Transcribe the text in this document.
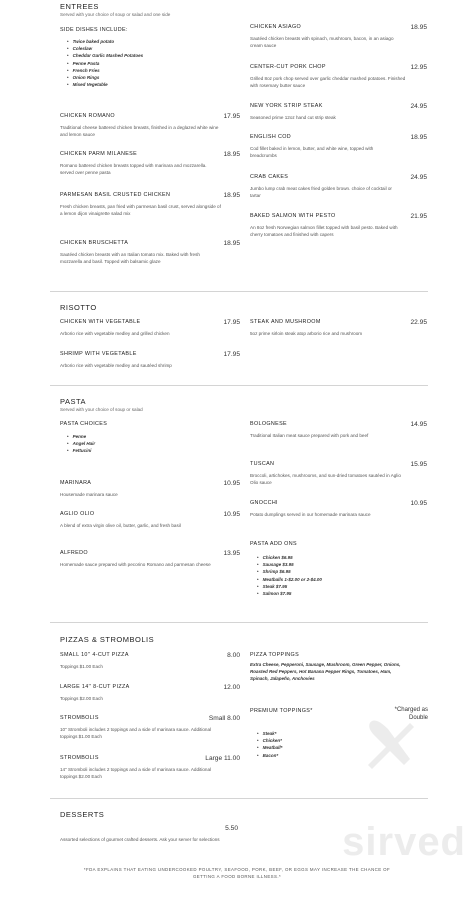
ENTREES
Served with your choice of soup or salad and one side
SIDE DISHES INCLUDE:
• Twice baked potato
• Coleslaw
• Cheddar Garlic Mashed Potatoes
• Penne Pasta
• French Fries
• Onion Rings
• Mixed Vegetable
CHICKEN ROMANO	17.95
Traditional cheese battered chicken breasts, finished in a deglazed white wine and lemon sauce
CHICKEN PARM MILANESE	18.95
Romano battered chicken breasts topped with marinara and mozzarella. served over penne pasta
PARMESAN BASIL CRUSTED CHICKEN	18.95
Fresh chicken breasts, pan fried with parmesan basil crust, served alongside of a lemon dijon vinaigrette salad mix
CHICKEN BRUSCHETTA	18.95
Sautéed chicken breasts with an Italian tomato mix. Baked with fresh mozzarella and basil. Topped with balsamic glaze
CHICKEN ASIAGO	18.95
Sautéed chicken breasts with spinach, mushroom, bacon, in an asiago cream sauce
CENTER-CUT PORK CHOP	12.95
Grilled 8oz pork chop served over garlic cheddar mashed potatoes. Finished with rosemary butter sauce
NEW YORK STRIP STEAK	24.95
Seasoned prime 12oz hand cut strip steak
ENGLISH COD	18.95
Cod fillet baked in lemon, butter, and white wine, topped with breadcrumbs
CRAB CAKES	24.95
Jumbo lump crab meat cakes fried golden brown. choice of cocktail or tartar
BAKED SALMON WITH PESTO	21.95
An 8oz fresh Norwegian salmon fillet topped with basil pesto. Baked with cherry tomatoes and finished with capers
RISOTTO
CHICKEN WITH VEGETABLE	17.95
Arborio rice with vegetable medley and grilled chicken
SHRIMP WITH VEGETABLE	17.95
Arborio rice with vegetable medley and sautéed shrimp
STEAK AND MUSHROOM	22.95
5oz prime sirloin steak atop arborio rice and mushroom
PASTA
Served with your choice of soup or salad
PASTA CHOICES
• Penne
• Angel Hair
• Fettucini
MARINARA	10.95
Housemade marinara sauce
AGLIO OLIO	10.95
A blend of extra virgin olive oil, butter, garlic, and fresh basil
ALFREDO	13.95
Homemade sauce prepared with pecorino Romano and parmesan cheese
BOLOGNESE	14.95
Traditional Italian meat sauce prepared with pork and beef
TUSCAN	15.95
Broccoli, artichokes, mushrooms, and sun-dried tomatoes sautéed in Aglio Olio sauce
GNOCCHI	10.95
Potato dumplings served in our homemade marinara sauce
PASTA ADD ONS
• Chicken $6.95
• Sausage $3.95
• Shrimp $6.95
• Meatballs 1-$2.00 or 2-$4.00
• Steak $7.95
• Salmon $7.95
PIZZAS & STROMBOLIS
SMALL 10'' 4-CUT PIZZA	8.00
Toppings $1.00 Each
LARGE 14'' 8-CUT PIZZA	12.00
Toppings $2.00 Each
STROMBOLIS	Small 8.00
10" Stromboli includes 2 toppings and a side of marinara sauce. Additional toppings $1.00 Each
STROMBOLIS	Large 11.00
14" Stromboli includes 2 toppings and a side of marinara sauce. Additional toppings $2.00 Each
PIZZA TOPPINGS
Extra Cheese, Pepperoni, Sausage, Mushroom, Green Pepper, Onions, Roasted Red Peppers, Hot Banana Pepper Rings, Tomatoes, Ham, Spinach, Jalapeño, Anchovies
PREMIUM TOPPINGS*	*Charged as Double
• Steak*
• Chicken*
• Meatball*
• Bacon*
DESSERTS
5.50
Assorted selections of gourmet crafted desserts. Ask your server for selections	sirved
*FDA EXPLAINS THAT EATING UNDERCOOKED POULTRY, SEAFOOD, PORK, BEEF, OR EGGS MAY INCREASE THE CHANCE OF GETTING A FOOD BORNE ILLNESS.*
